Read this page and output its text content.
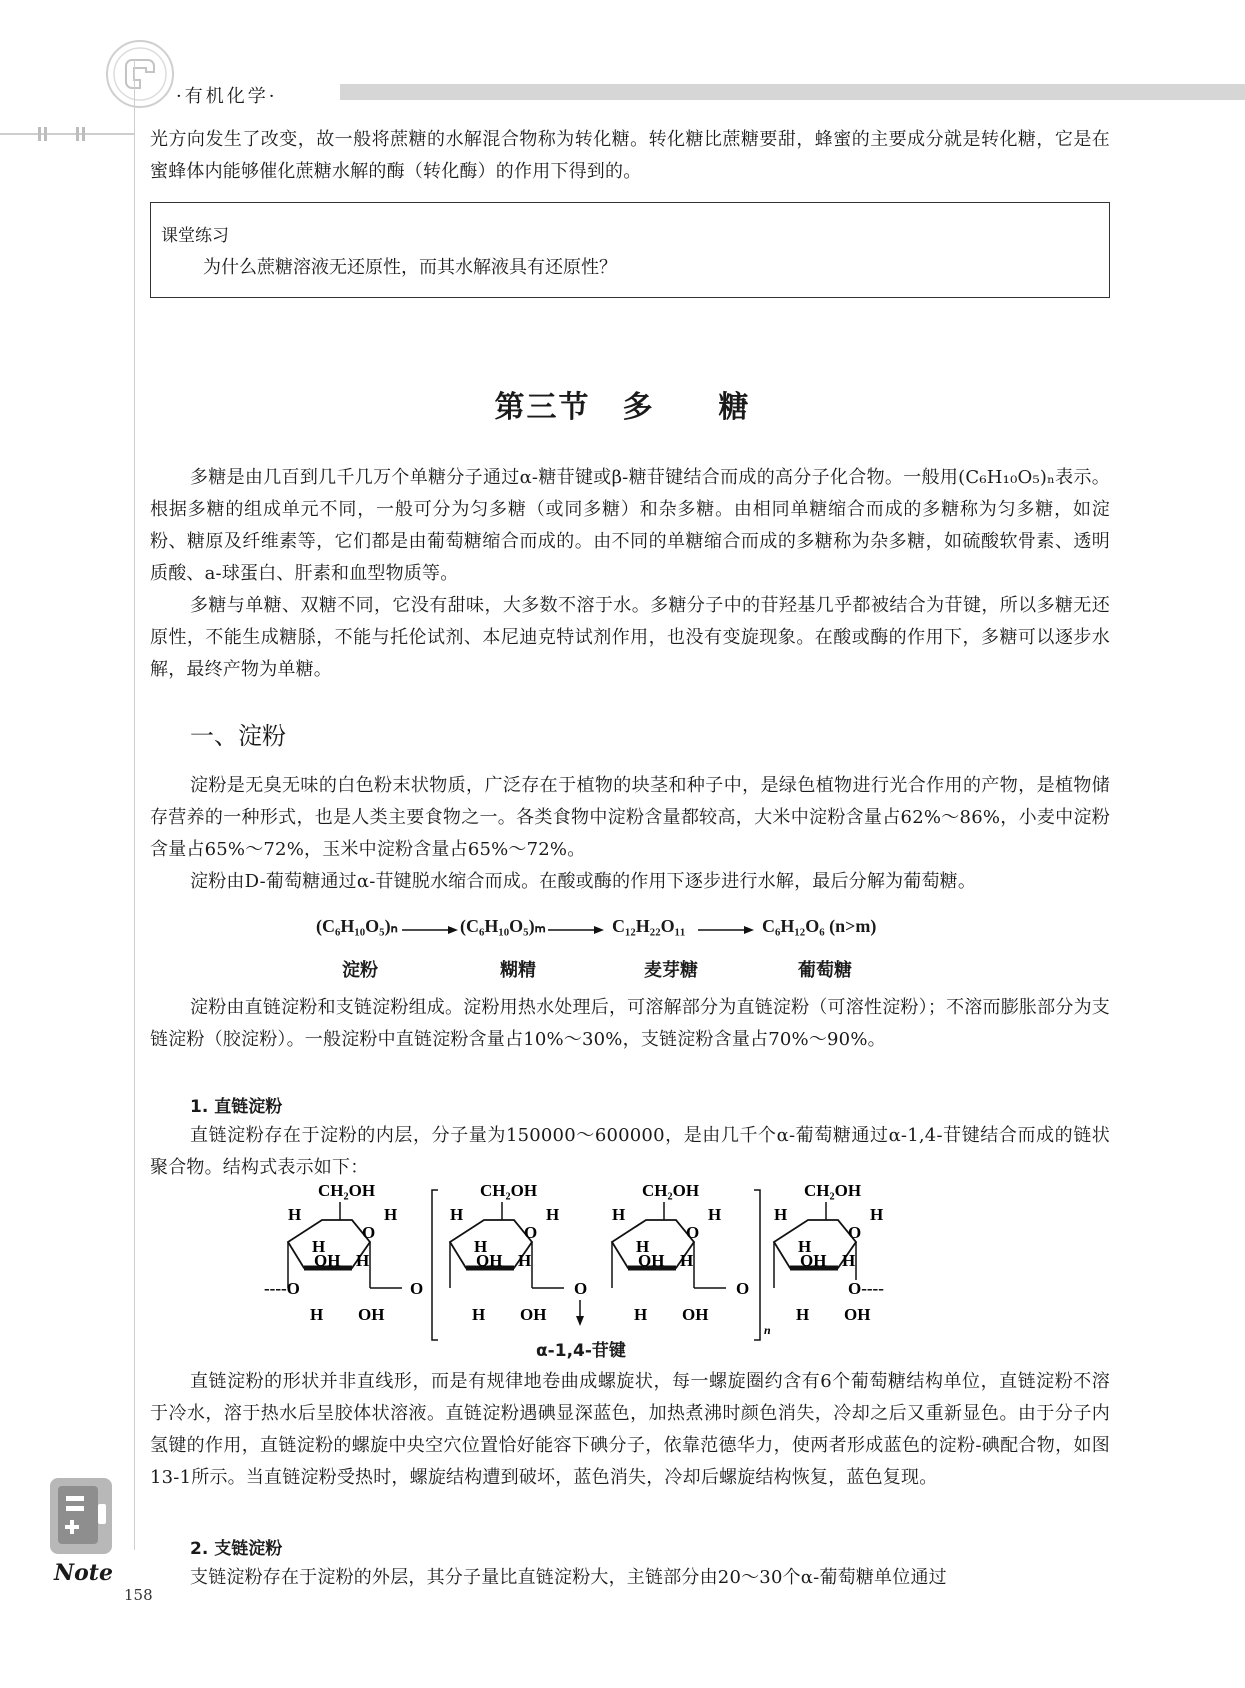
·有机化学·
光方向发生了改变，故一般将蔗糖的水解混合物称为转化糖。转化糖比蔗糖要甜，蜂蜜的主要成分就是转化糖，它是在蜜蜂体内能够催化蔗糖水解的酶（转化酶）的作用下得到的。
课堂练习
为什么蔗糖溶液无还原性，而其水解液具有还原性？
第三节　多　　糖
多糖是由几百到几千几万个单糖分子通过α-糖苷键或β-糖苷键结合而成的高分子化合物。一般用(C₆H₁₀O₅)ₙ表示。根据多糖的组成单元不同，一般可分为匀多糖（或同多糖）和杂多糖。由相同单糖缩合而成的多糖称为匀多糖，如淀粉、糖原及纤维素等，它们都是由葡萄糖缩合而成的。由不同的单糖缩合而成的多糖称为杂多糖，如硫酸软骨素、透明质酸、a-球蛋白、肝素和血型物质等。
多糖与单糖、双糖不同，它没有甜味，大多数不溶于水。多糖分子中的苷羟基几乎都被结合为苷键，所以多糖无还原性，不能生成糖脎，不能与托伦试剂、本尼迪克特试剂作用，也没有变旋现象。在酸或酶的作用下，多糖可以逐步水解，最终产物为单糖。
一、淀粉
淀粉是无臭无味的白色粉末状物质，广泛存在于植物的块茎和种子中，是绿色植物进行光合作用的产物，是植物储存营养的一种形式，也是人类主要食物之一。各类食物中淀粉含量都较高，大米中淀粉含量占62%～86%，小麦中淀粉含量占65%～72%，玉米中淀粉含量占65%～72%。
淀粉由D-葡萄糖通过α-苷键脱水缩合而成。在酸或酶的作用下逐步进行水解，最后分解为葡萄糖。
(C₆H₁₀O₅)ₙ	(C₆H₁₀O₅)ₘ	C₁₂H₂₂O₁₁	C₆H₁₂O₆ (n>m)
淀粉	糊精	麦芽糖	葡萄糖
淀粉由直链淀粉和支链淀粉组成。淀粉用热水处理后，可溶解部分为直链淀粉（可溶性淀粉）；不溶而膨胀部分为支链淀粉（胶淀粉）。一般淀粉中直链淀粉含量占10%～30%，支链淀粉含量占70%～90%。
1. 直链淀粉
直链淀粉存在于淀粉的内层，分子量为150000～600000，是由几千个α-葡萄糖通过α-1,4-苷键结合而成的链状聚合物。结构式表示如下：
CH₂OH
H
O
H
H
OH H
H OH
----O	O
CH₂OH
H
O
H
H
OH H
H OH
O
CH₂OH
H
O
H
H
OH H
H OH
O
n
CH₂OH
H
O
H
H
OH H
H OH
O----
α-1,4-苷键
直链淀粉的形状并非直线形，而是有规律地卷曲成螺旋状，每一螺旋圈约含有6个葡萄糖结构单位，直链淀粉不溶于冷水，溶于热水后呈胶体状溶液。直链淀粉遇碘显深蓝色，加热煮沸时颜色消失，冷却之后又重新显色。由于分子内氢键的作用，直链淀粉的螺旋中央空穴位置恰好能容下碘分子，依靠范德华力，使两者形成蓝色的淀粉-碘配合物，如图13-1所示。当直链淀粉受热时，螺旋结构遭到破坏，蓝色消失，冷却后螺旋结构恢复，蓝色复现。
2. 支链淀粉
支链淀粉存在于淀粉的外层，其分子量比直链淀粉大，主链部分由20～30个α-葡萄糖单位通过
Note
158
